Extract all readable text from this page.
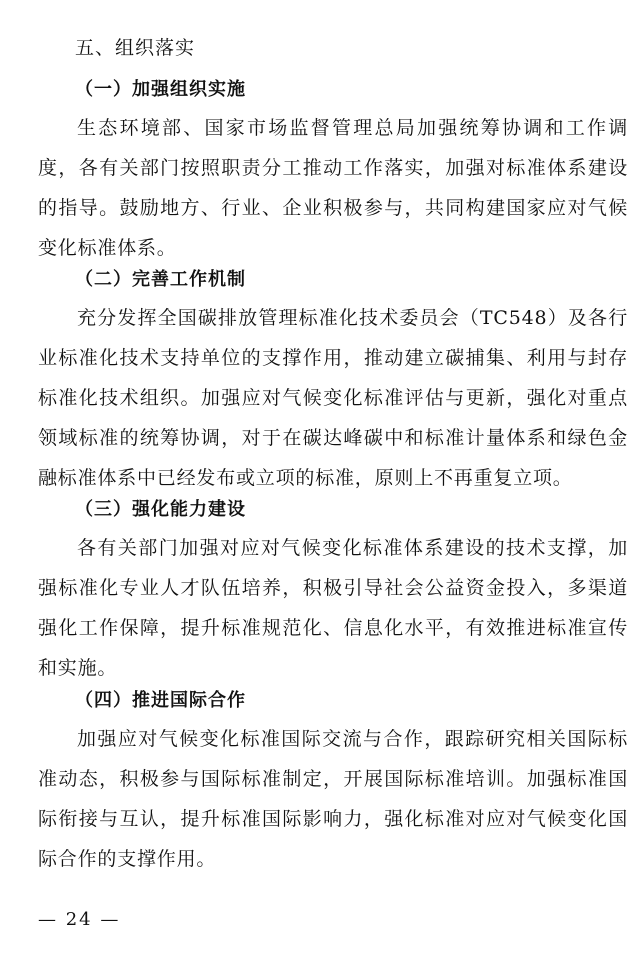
五、组织落实
（一）加强组织实施

生态环境部、国家市场监督管理总局加强统筹协调和工作调度，各有关部门按照职责分工推动工作落实，加强对标准体系建设的指导。鼓励地方、行业、企业积极参与，共同构建国家应对气候变化标准体系。

（二）完善工作机制

充分发挥全国碳排放管理标准化技术委员会（TC548）及各行业标准化技术支持单位的支撑作用，推动建立碳捕集、利用与封存标准化技术组织。加强应对气候变化标准评估与更新，强化对重点领域标准的统筹协调，对于在碳达峰碳中和标准计量体系和绿色金融标准体系中已经发布或立项的标准，原则上不再重复立项。

（三）强化能力建设

各有关部门加强对应对气候变化标准体系建设的技术支撑，加强标准化专业人才队伍培养，积极引导社会公益资金投入，多渠道强化工作保障，提升标准规范化、信息化水平，有效推进标准宣传和实施。

（四）推进国际合作

加强应对气候变化标准国际交流与合作，跟踪研究相关国际标准动态，积极参与国际标准制定，开展国际标准培训。加强标准国际衔接与互认，提升标准国际影响力，强化标准对应对气候变化国际合作的支撑作用。

— 24 —
